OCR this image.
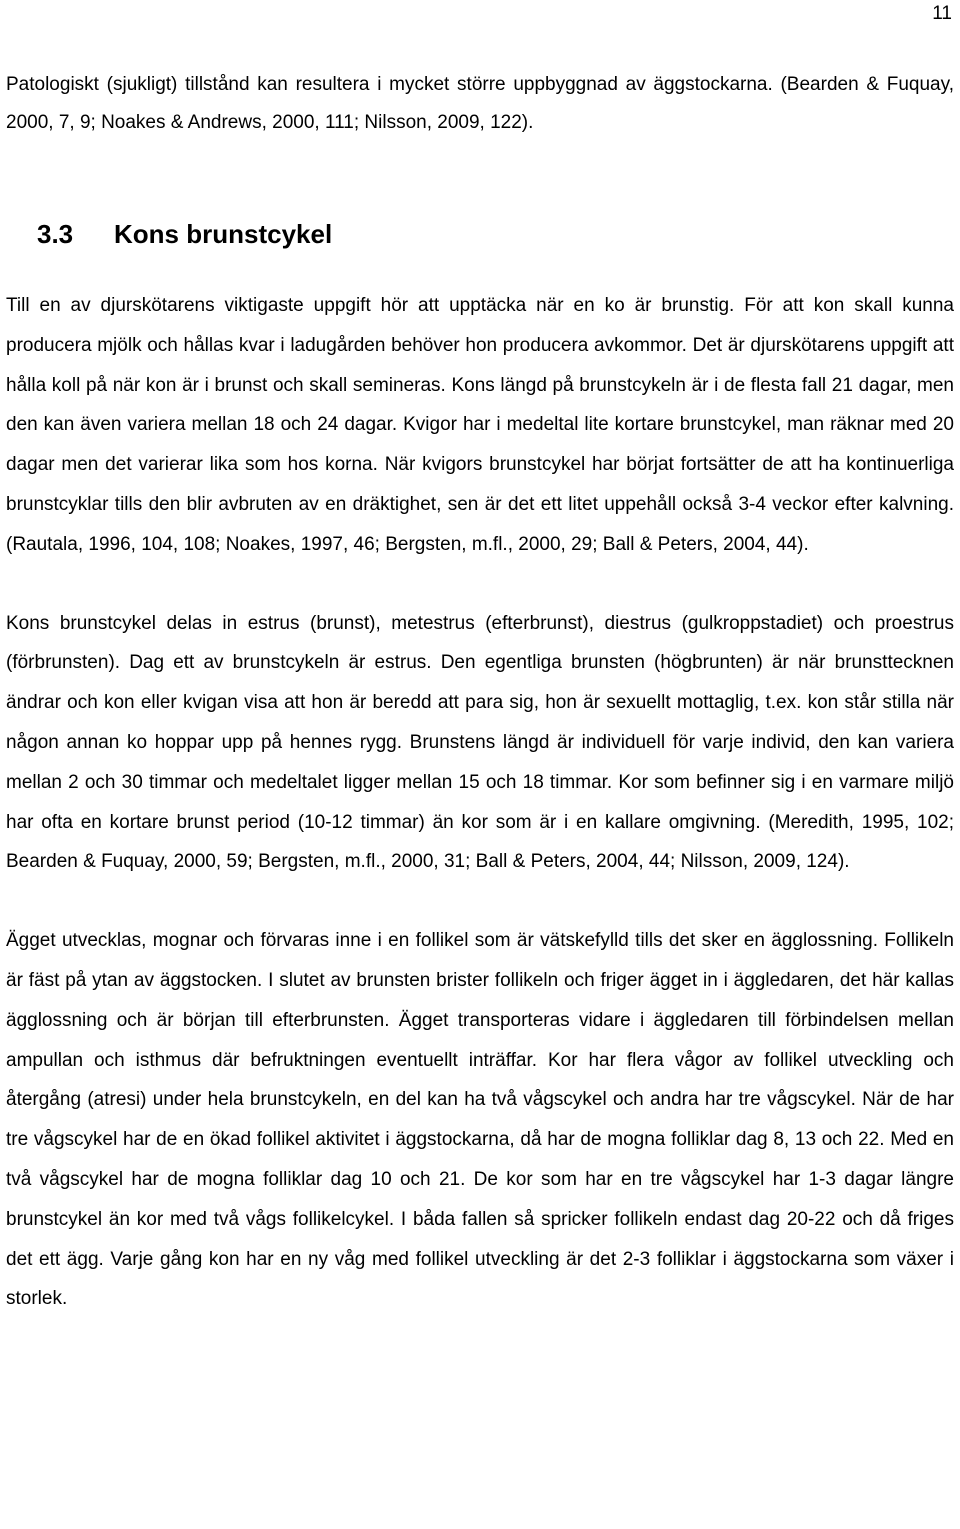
11

Patologiskt (sjukligt) tillstånd kan resultera i mycket större uppbyggnad av äggstockarna. (Bearden & Fuquay, 2000, 7, 9; Noakes & Andrews, 2000, 111; Nilsson, 2009, 122).

3.3	Kons brunstcykel

Till en av djurskötarens viktigaste uppgift hör att upptäcka när en ko är brunstig. För att kon skall kunna producera mjölk och hållas kvar i ladugården behöver hon producera avkommor. Det är djurskötarens uppgift att hålla koll på när kon är i brunst och skall semineras. Kons längd på brunstcykeln är i de flesta fall 21 dagar, men den kan även variera mellan 18 och 24 dagar. Kvigor har i medeltal lite kortare brunstcykel, man räknar med 20 dagar men det varierar lika som hos korna. När kvigors brunstcykel har börjat fortsätter de att ha kontinuerliga brunstcyklar tills den blir avbruten av en dräktighet, sen är det ett litet uppehåll också 3-4 veckor efter kalvning. (Rautala, 1996, 104, 108; Noakes, 1997, 46; Bergsten, m.fl., 2000, 29; Ball & Peters, 2004, 44).

Kons brunstcykel delas in estrus (brunst), metestrus (efterbrunst), diestrus (gulkroppstadiet) och proestrus (förbrunsten). Dag ett av brunstcykeln är estrus. Den egentliga brunsten (högbrunten) är när brunsttecknen ändrar och kon eller kvigan visa att hon är beredd att para sig, hon är sexuellt mottaglig, t.ex. kon står stilla när någon annan ko hoppar upp på hennes rygg. Brunstens längd är individuell för varje individ, den kan variera mellan 2 och 30 timmar och medeltalet ligger mellan 15 och 18 timmar. Kor som befinner sig i en varmare miljö har ofta en kortare brunst period (10-12 timmar) än kor som är i en kallare omgivning. (Meredith, 1995, 102; Bearden & Fuquay, 2000, 59; Bergsten, m.fl., 2000, 31; Ball & Peters, 2004, 44; Nilsson, 2009, 124).

Ägget utvecklas, mognar och förvaras inne i en follikel som är vätskefylld tills det sker en ägglossning. Follikeln är fäst på ytan av äggstocken. I slutet av brunsten brister follikeln och friger ägget in i äggledaren, det här kallas ägglossning och är början till efterbrunsten. Ägget transporteras vidare i äggledaren till förbindelsen mellan ampullan och isthmus där befruktningen eventuellt inträffar. Kor har flera vågor av follikel utveckling och återgång (atresi) under hela brunstcykeln, en del kan ha två vågscykel och andra har tre vågscykel. När de har tre vågscykel har de en ökad follikel aktivitet i äggstockarna, då har de mogna folliklar dag 8, 13 och 22. Med en två vågscykel har de mogna folliklar dag 10 och 21. De kor som har en tre vågscykel har 1-3 dagar längre brunstcykel än kor med två vågs follikelcykel. I båda fallen så spricker follikeln endast dag 20-22 och då friges det ett ägg. Varje gång kon har en ny våg med follikel utveckling är det 2-3 folliklar i äggstockarna som växer i storlek.
